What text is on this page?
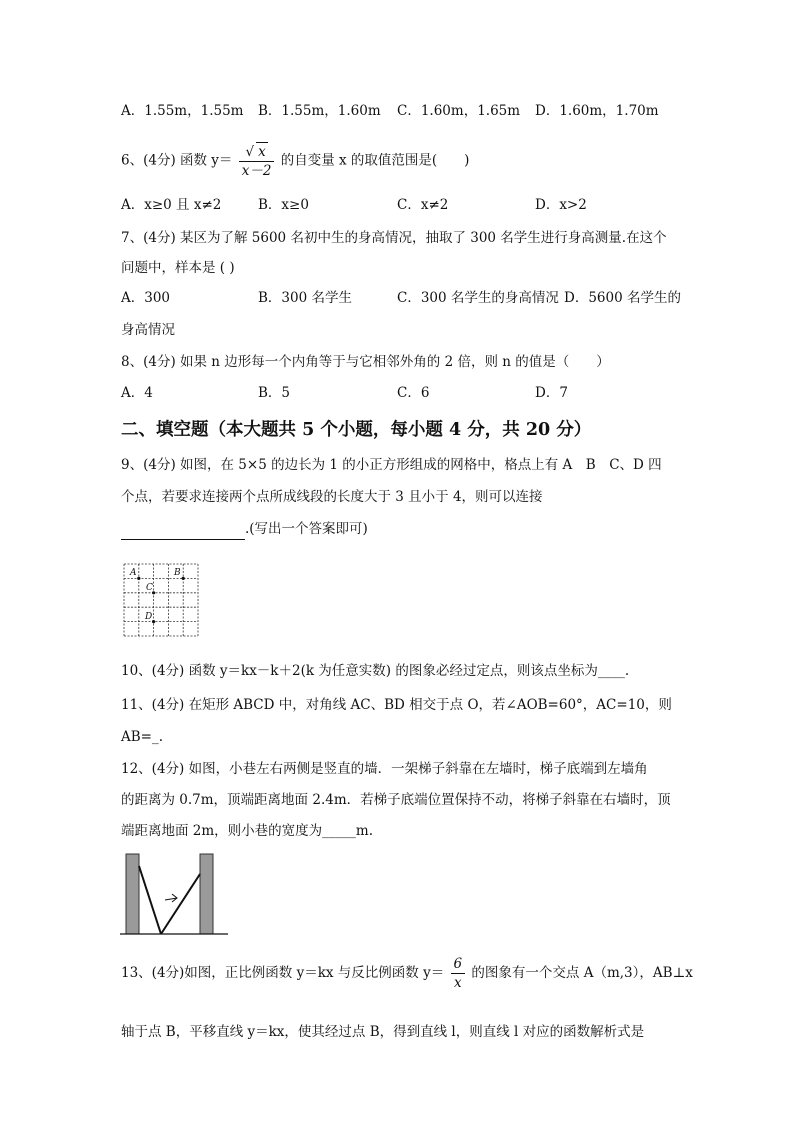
A．1.55m，1.55m B．1.55m，1.60m C．1.60m，1.65m D．1.60m，1.70m
6、(4分) 函数 $y= \frac{√ x}{x-2}$ 的自变量 x 的取值范围是(　　)
A．x≥0 且 x≠2	B．x≥0	C．x≠2	D．x>2
7、(4分) 某区为了解 5600 名初中生的身高情况，抽取了 300 名学生进行身高测量.在这个
问题中，样本是 ( )
A．300	B．300 名学生	C．300 名学生的身高情况 D．5600 名学生的
身高情况
8、(4分) 如果 n 边形每一个内角等于与它相邻外角的 2 倍，则 n 的值是（　　）
A．4	B．5	C．6	D．7
二、填空题（本大题共 5 个小题，每小题 4 分，共 20 分）
9、(4分) 如图，在 5×5 的边长为 1 的小正方形组成的网格中，格点上有 A　B　C、D 四
个点，若要求连接两个点所成线段的长度大于 3 且小于 4，则可以连接
.(写出一个答案即可)
A	B
C
D
10、(4分) 函数 y＝kx－k＋2(k 为任意实数) 的图象必经过定点，则该点坐标为____.
11、(4分) 在矩形 ABCD 中，对角线 AC、BD 相交于点 O，若∠AOB=60°，AC=10，则
AB=_.
12、(4分) 如图，小巷左右两侧是竖直的墙．一架梯子斜靠在左墙时，梯子底端到左墙角
的距离为 0.7m，顶端距离地面 2.4m．若梯子底端位置保持不动，将梯子斜靠在右墙时，顶
端距离地面 2m，则小巷的宽度为_____m.
13、(4分)如图，正比例函数 y＝kx 与反比例函数 $y= \frac{6}{x}$ 的图象有一个交点 A（m,3），AB⊥x
轴于点 B，平移直线 y＝kx，使其经过点 B，得到直线 l，则直线 l 对应的函数解析式是
